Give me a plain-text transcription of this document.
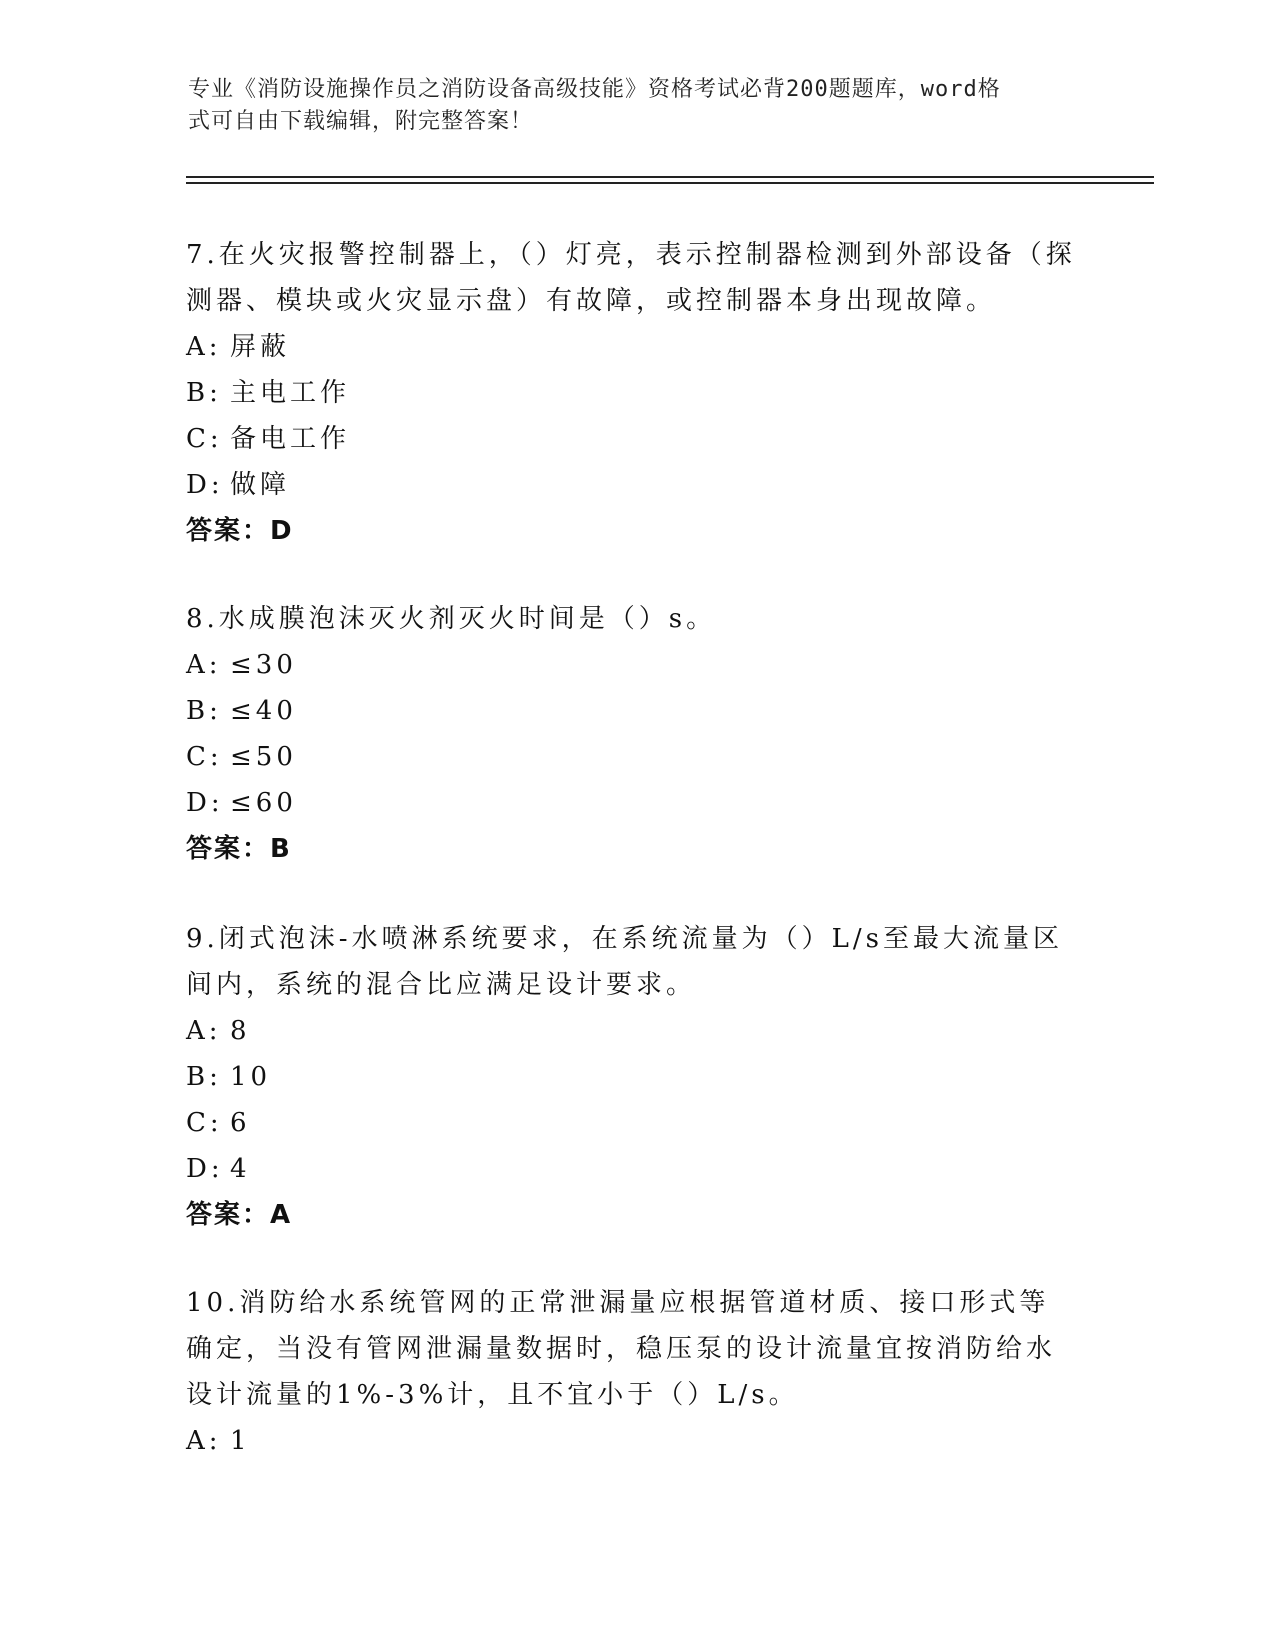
专业《消防设施操作员之消防设备高级技能》资格考试必背200题题库，word格
式可自由下载编辑，附完整答案！
7.在火灾报警控制器上，（）灯亮，表示控制器检测到外部设备（探测器、模块或火灾显示盘）有故障，或控制器本身出现故障。
A: 屏蔽
B: 主电工作
C: 备电工作
D: 做障
答案：D
8.水成膜泡沫灭火剂灭火时间是（）s。
A: ≤30
B: ≤40
C: ≤50
D: ≤60
答案：B
9.闭式泡沫-水喷淋系统要求，在系统流量为（）L/s至最大流量区间内，系统的混合比应满足设计要求。
A: 8
B: 10
C: 6
D: 4
答案：A
10.消防给水系统管网的正常泄漏量应根据管道材质、接口形式等确定，当没有管网泄漏量数据时，稳压泵的设计流量宜按消防给水设计流量的1%-3%计，且不宜小于（）L/s。
A: 1
